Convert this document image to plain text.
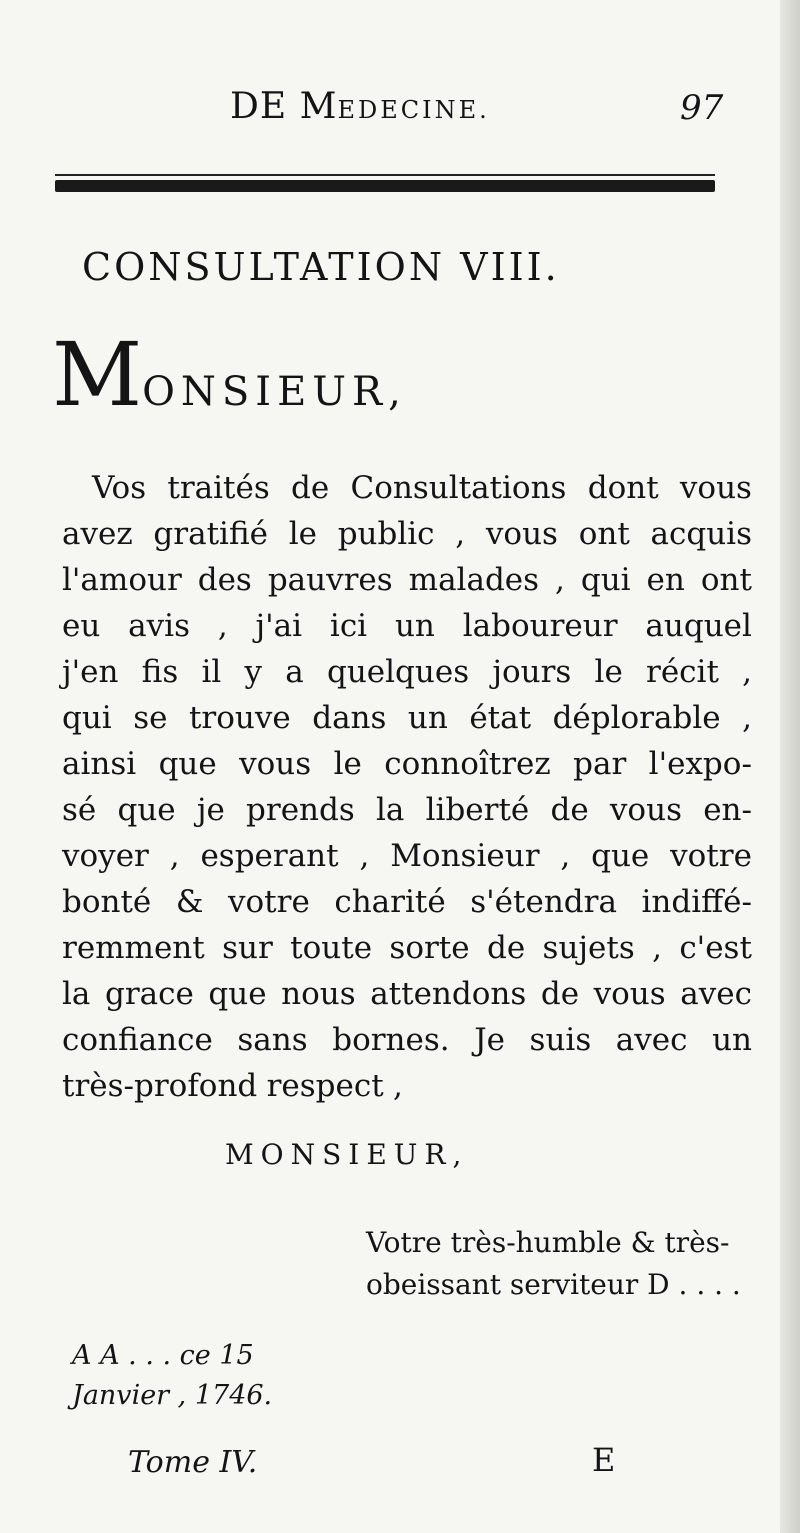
DE MEDECINE.	97
CONSULTATION VIII.
MONSIEUR,
Vos traités de Consultations dont vous
avez gratifié le public , vous ont acquis
l'amour des pauvres malades , qui en ont
eu avis , j'ai ici un laboureur auquel
j'en fis il y a quelques jours le récit ,
qui se trouve dans un état déplorable ,
ainsi que vous le connoîtrez par l'expo-
sé que je prends la liberté de vous en-
voyer , esperant , Monsieur , que votre
bonté & votre charité s'étendra indiffé-
remment sur toute sorte de sujets , c'est
la grace que nous attendons de vous avec
confiance sans bornes. Je suis avec un
très-profond respect ,
MONSIEUR,
Votre très-humble & très-
obeissant serviteur D . . . .
A A . . . ce 15
Janvier , 1746.
Tome IV.	E
